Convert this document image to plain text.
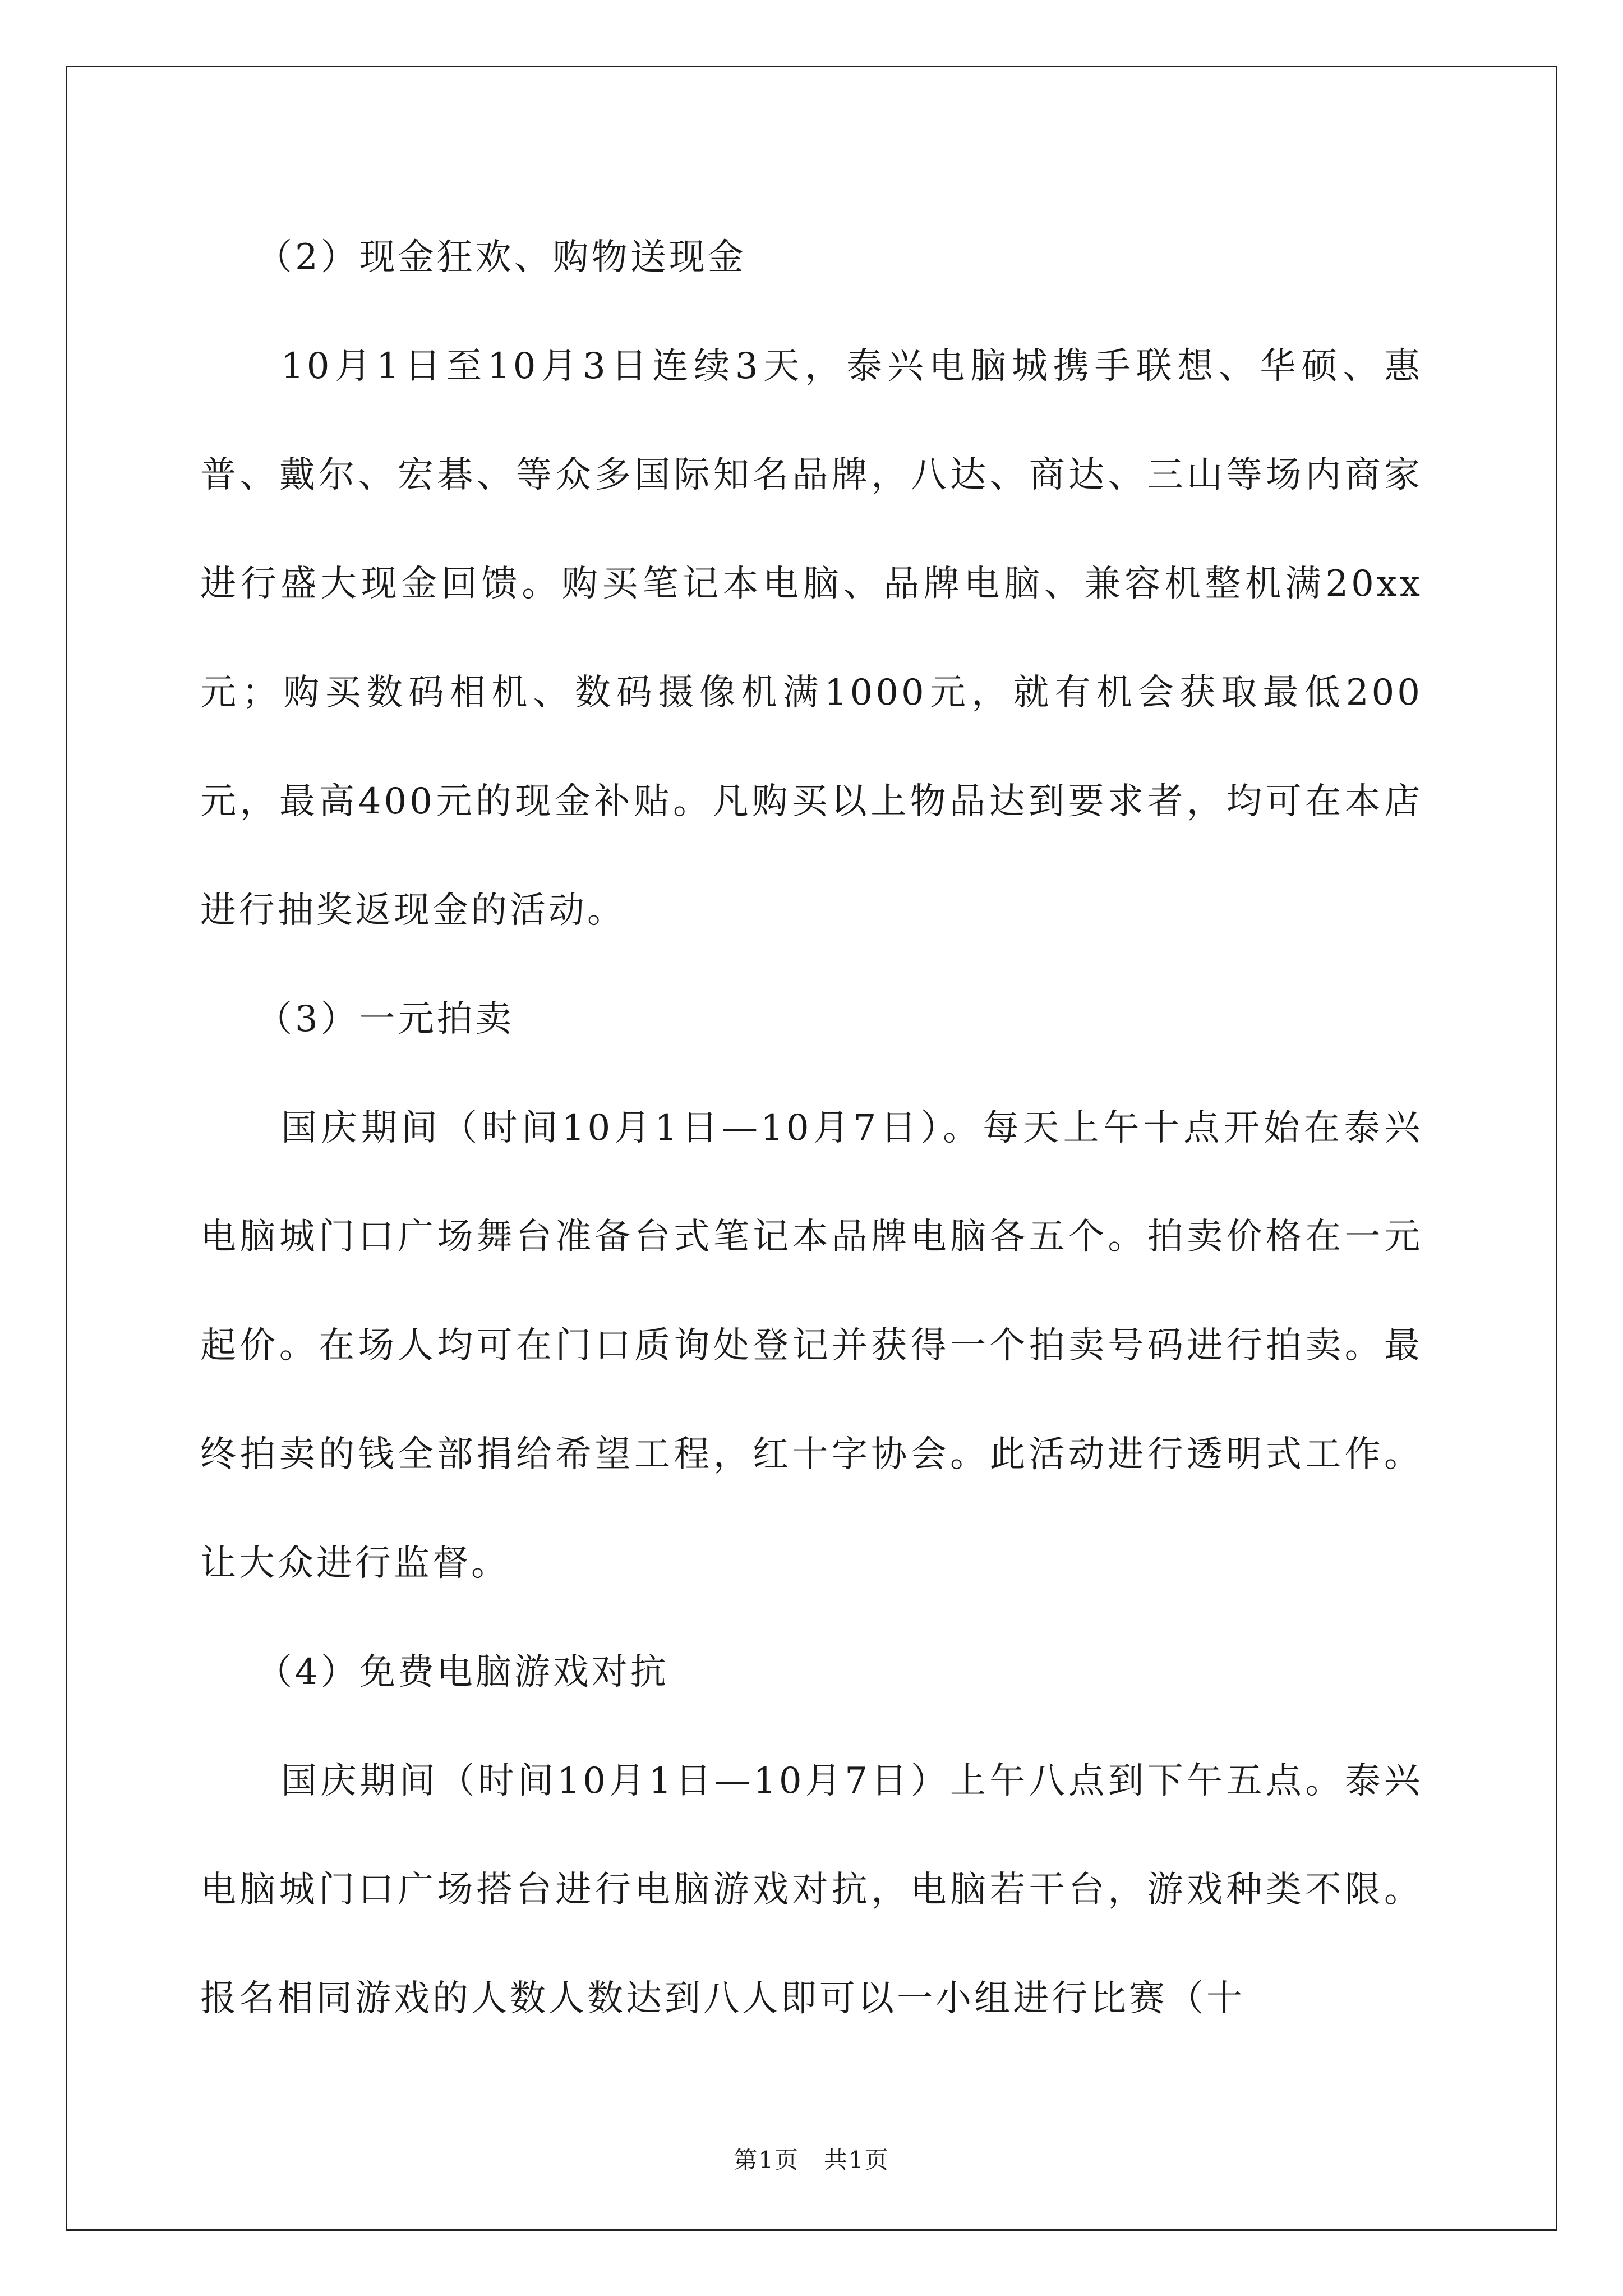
（2）现金狂欢、购物送现金

10月1日至10月3日连续3天，泰兴电脑城携手联想、华硕、惠普、戴尔、宏碁、等众多国际知名品牌，八达、商达、三山等场内商家进行盛大现金回馈。购买笔记本电脑、品牌电脑、兼容机整机满20xx元；购买数码相机、数码摄像机满1000元，就有机会获取最低200元，最高400元的现金补贴。凡购买以上物品达到要求者，均可在本店进行抽奖返现金的活动。

（3）一元拍卖

国庆期间（时间10月1日—10月7日）。每天上午十点开始在泰兴电脑城门口广场舞台准备台式笔记本品牌电脑各五个。拍卖价格在一元起价。在场人均可在门口质询处登记并获得一个拍卖号码进行拍卖。最终拍卖的钱全部捐给希望工程，红十字协会。此活动进行透明式工作。让大众进行监督。

（4）免费电脑游戏对抗

国庆期间（时间10月1日—10月7日）上午八点到下午五点。泰兴电脑城门口广场搭台进行电脑游戏对抗，电脑若干台，游戏种类不限。报名相同游戏的人数人数达到八人即可以一小组进行比赛（十

第1页　共1页
